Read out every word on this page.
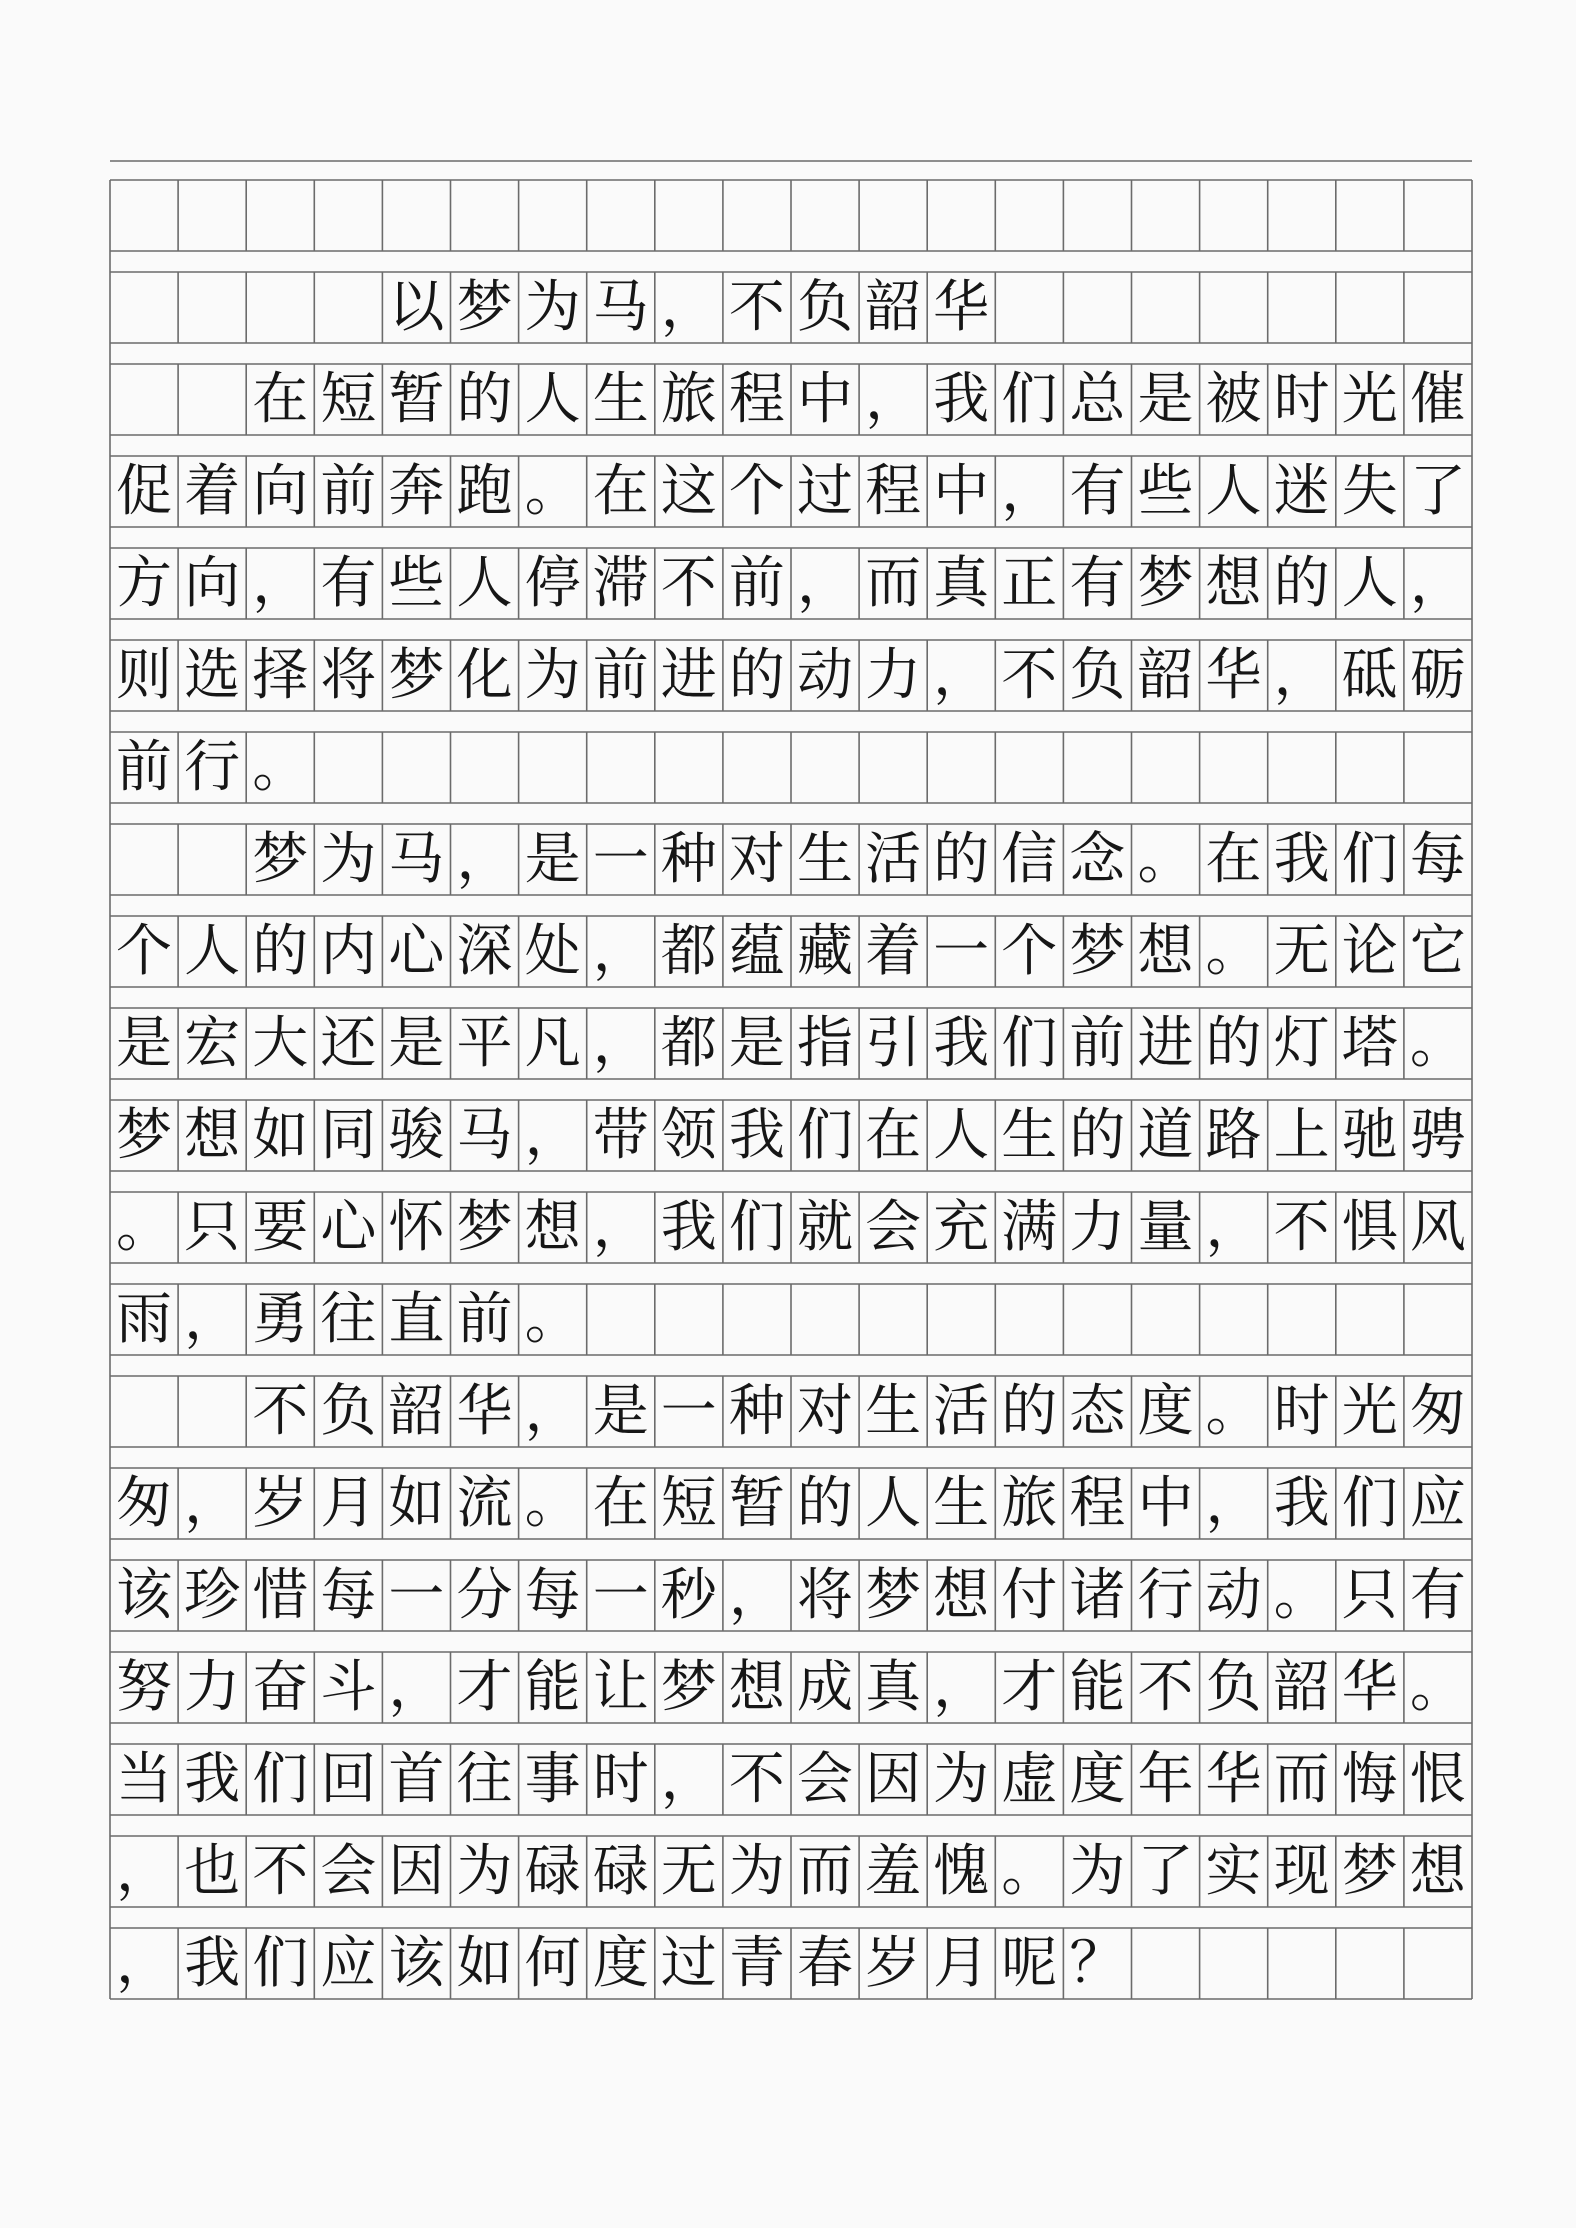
以 梦 为 马 ， 不 负 韶 华
在 短 暂 的 人 生 旅 程 中 ， 我 们 总 是 被 时 光 催
促 着 向 前 奔 跑 。 在 这 个 过 程 中 ， 有 些 人 迷 失 了
方 向 ， 有 些 人 停 滞 不 前 ， 而 真 正 有 梦 想 的 人 ，
则 选 择 将 梦 化 为 前 进 的 动 力 ， 不 负 韶 华 ， 砥 砺
前 行 。
梦 为 马 ， 是 一 种 对 生 活 的 信 念 。 在 我 们 每
个 人 的 内 心 深 处 ， 都 蕴 藏 着 一 个 梦 想 。 无 论 它
是 宏 大 还 是 平 凡 ， 都 是 指 引 我 们 前 进 的 灯 塔 。
梦 想 如 同 骏 马 ， 带 领 我 们 在 人 生 的 道 路 上 驰 骋
。 只 要 心 怀 梦 想 ， 我 们 就 会 充 满 力 量 ， 不 惧 风
雨 ， 勇 往 直 前 。
不 负 韶 华 ， 是 一 种 对 生 活 的 态 度 。 时 光 匆
匆 ， 岁 月 如 流 。 在 短 暂 的 人 生 旅 程 中 ， 我 们 应
该 珍 惜 每 一 分 每 一 秒 ， 将 梦 想 付 诸 行 动 。 只 有
努 力 奋 斗 ， 才 能 让 梦 想 成 真 ， 才 能 不 负 韶 华 。
当 我 们 回 首 往 事 时 ， 不 会 因 为 虚 度 年 华 而 悔 恨
， 也 不 会 因 为 碌 碌 无 为 而 羞 愧 。 为 了 实 现 梦 想
， 我 们 应 该 如 何 度 过 青 春 岁 月 呢 ？
